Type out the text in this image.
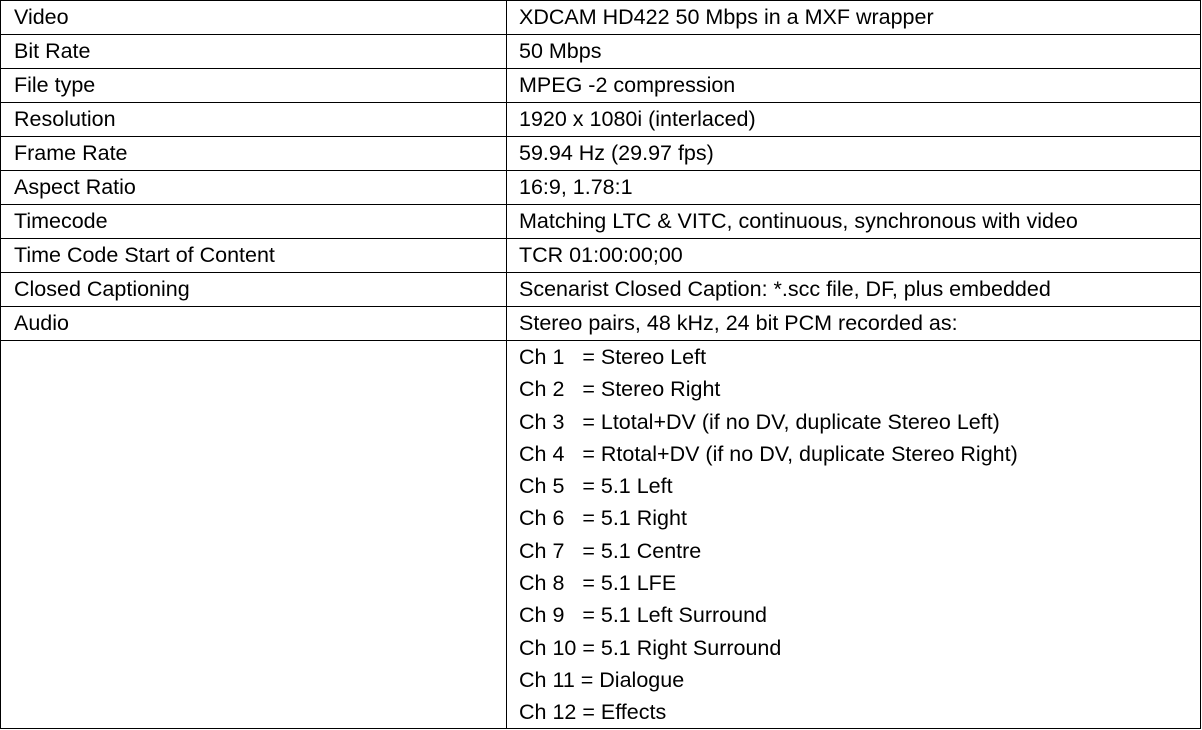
Video	XDCAM HD422 50 Mbps in a MXF wrapper
Bit Rate	50 Mbps
File type	MPEG -2 compression
Resolution	1920 x 1080i (interlaced)
Frame Rate	59.94 Hz (29.97 fps)
Aspect Ratio	16:9, 1.78:1
Timecode	Matching LTC & VITC, continuous, synchronous with video
Time Code Start of Content	TCR 01:00:00;00
Closed Captioning	Scenarist Closed Caption: *.scc file, DF, plus embedded
Audio	Stereo pairs, 48 kHz, 24 bit PCM recorded as:
Ch 1   = Stereo Left
Ch 2   = Stereo Right
Ch 3   = Ltotal+DV (if no DV, duplicate Stereo Left)
Ch 4   = Rtotal+DV (if no DV, duplicate Stereo Right)
Ch 5   = 5.1 Left
Ch 6   = 5.1 Right
Ch 7   = 5.1 Centre
Ch 8   = 5.1 LFE
Ch 9   = 5.1 Left Surround
Ch 10 = 5.1 Right Surround
Ch 11 = Dialogue
Ch 12 = Effects
